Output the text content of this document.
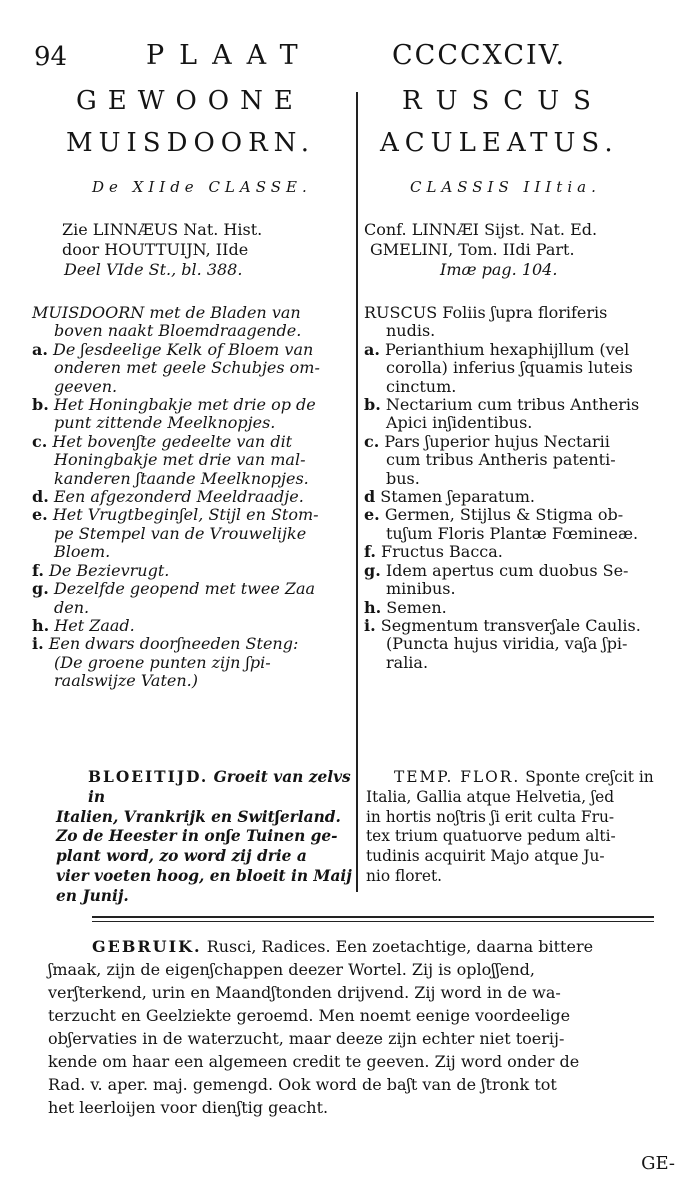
94	PLAAT	CCCCXCIV.
GEWOONE
MUISDOORN.
RUSCUS
ACULEATUS.
De XIIde CLASSE.	CLASSIS IIItia.
Zie LINNÆUS Nat. Hist.
door HOUTTUIJN, IIde
Deel VIde St., bl. 388.
Conf. LINNÆI Sijst. Nat. Ed.
GMELINI, Tom. IIdi Part.
Imæ pag. 104.
MUISDOORN met de Bladen van
boven naakt Bloemdraagende.
a. De ʃesdeelige Kelk of Bloem van
onderen met geele Schubjes om-
geeven.
b. Het Honingbakje met drie op de
punt zittende Meelknopjes.
c. Het bovenʃte gedeelte van dit
Honingbakje met drie van mal-
kanderen ʃtaande Meelknopjes.
d. Een afgezonderd Meeldraadje.
e. Het Vrugtbeginʃel, Stijl en Stom-
pe Stempel van de Vrouwelijke
Bloem.
f. De Bezievrugt.
g. Dezelfde geopend met twee Zaa
den.
h. Het Zaad.
i. Een dwars doorʃneeden Steng:
(De groene punten zijn ʃpi-
raalswijze Vaten.)
RUSCUS Foliis ʃupra floriferis
nudis.
a. Perianthium hexaphijllum (vel
corolla) inferius ʃquamis luteis
cinctum.
b. Nectarium cum tribus Antheris
Apici inʃidentibus.
c. Pars ʃuperior hujus Nectarii
cum tribus Antheris patenti-
bus.
d Stamen ʃeparatum.
e. Germen, Stijlus & Stigma ob-
tuʃum Floris Plantæ Fœmineæ.
f. Fructus Bacca.
g. Idem apertus cum duobus Se-
minibus.
h. Semen.
i. Segmentum transverʃale Caulis.
(Puncta hujus viridia, vaʃa ʃpi-
ralia.
BLOEITIJD. Groeit van zelvs in
Italien, Vrankrijk en Switʃerland.
Zo de Heester in onʃe Tuinen ge-
plant word, zo word zij drie a
vier voeten hoog, en bloeit in Maij
en Junij.
TEMP. FLOR. Sponte creʃcit in
Italia, Gallia atque Helvetia, ʃed
in hortis noʃtris ʃi erit culta Fru-
tex trium quatuorve pedum alti-
tudinis acquirit Majo atque Ju-
nio floret.
GEBRUIK. Rusci, Radices. Een zoetachtige, daarna bittere
ʃmaak, zijn de eigenʃchappen deezer Wortel. Zij is oploʃʃend,
verʃterkend, urin en Maandʃtonden drijvend. Zij word in de wa-
terzucht en Geelziekte geroemd. Men noemt eenige voordeelige
obʃervaties in de waterzucht, maar deeze zijn echter niet toerij-
kende om haar een algemeen credit te geeven. Zij word onder de
Rad. v. aper. maj. gemengd. Ook word de baʃt van de ʃtronk tot
het leerloijen voor dienʃtig geacht.
GE-
